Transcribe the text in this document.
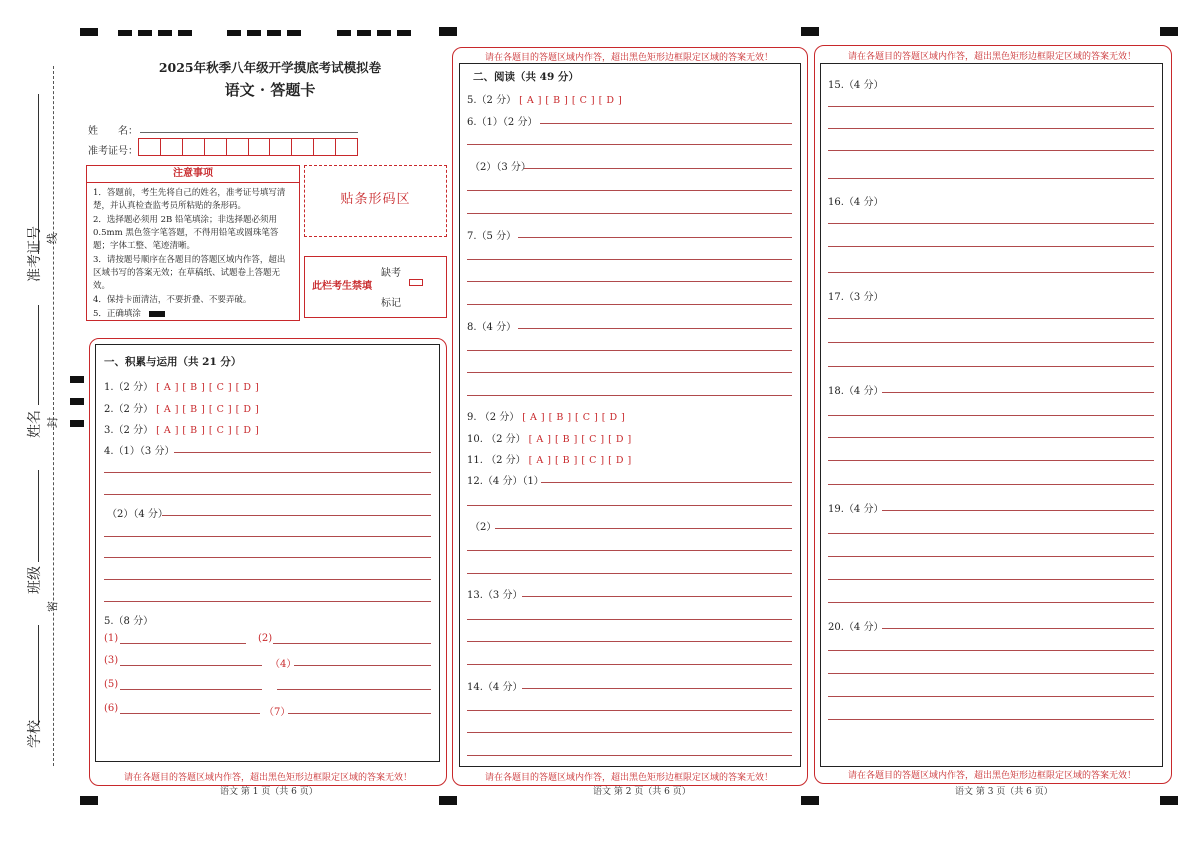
准考证号 线
姓名 封
班级
密
学校
2025年秋季八年级开学摸底考试模拟卷
语文 · 答题卡
姓　　名：
准考证号：
注意事项
1．答题前，考生先将自己的姓名，准考证号填写清楚，并认真检查监考员所粘贴的条形码。
2．选择题必须用 2B 铅笔填涂；非选择题必须用 0.5mm 黑色签字笔答题，不得用铅笔或圆珠笔答题；字体工整、笔迹清晰。
3．请按题号顺序在各题目的答题区域内作答，超出区域书写的答案无效；在草稿纸、试题卷上答题无效。
4．保持卡面清洁，不要折叠、不要弄破。
5．正确填涂
贴条形码区
此栏考生禁填
缺考
标记
请在各题目的答题区域内作答，超出黑色矩形边框限定区域的答案无效！
语文 第 1 页（共 6 页）
一、积累与运用（共 21 分）
1.（2 分） [ A ] [ B ] [ C ] [ D ]
2.（2 分） [ A ] [ B ] [ C ] [ D ]
3.（2 分） [ A ] [ B ] [ C ] [ D ]
4.（1）（3 分）
（2）（4 分）
5.（8 分）
(1)	(2)
(3)	（4）
(5)
(6)	（7）
请在各题目的答题区域内作答，超出黑色矩形边框限定区域的答案无效！
请在各题目的答题区域内作答，超出黑色矩形边框限定区域的答案无效！
语文 第 2 页（共 6 页）
二、阅读（共 49 分）
5.（2 分） [ A ] [ B ] [ C ] [ D ]
6.（1）（2 分）
（2）（3 分）
7.（5 分）
8.（4 分）
9. （2 分） [ A ] [ B ] [ C ] [ D ]
10. （2 分） [ A ] [ B ] [ C ] [ D ]
11. （2 分） [ A ] [ B ] [ C ] [ D ]
12.（4 分）（1）
（2）
13.（3 分）
14.（4 分）
请在各题目的答题区域内作答，超出黑色矩形边框限定区域的答案无效！
请在各题目的答题区域内作答，超出黑色矩形边框限定区域的答案无效！
语文 第 3 页（共 6 页）
15.（4 分）
16.（4 分）
17.（3 分）
18.（4 分）
19.（4 分）
20.（4 分）
